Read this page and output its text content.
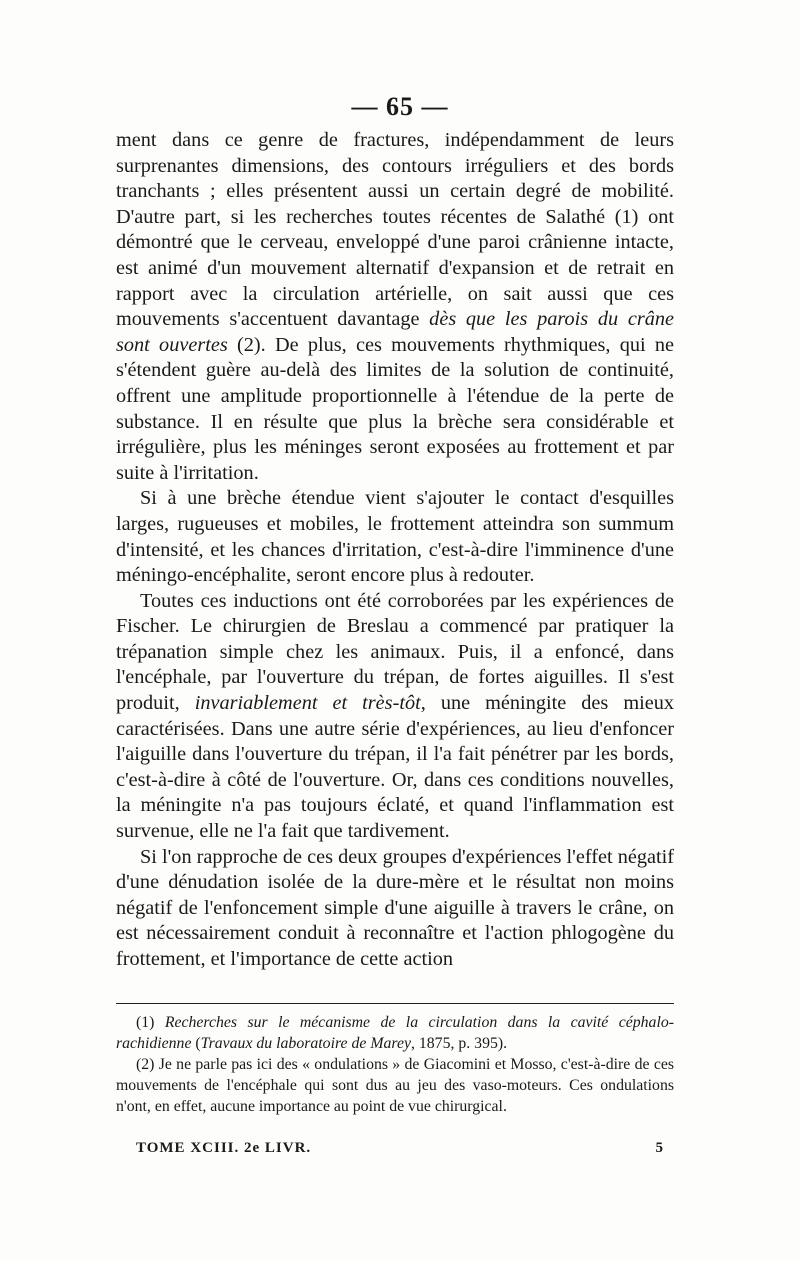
— 65 —

ment dans ce genre de fractures, indépendamment de leurs surprenantes dimensions, des contours irréguliers et des bords tranchants ; elles présentent aussi un certain degré de mobilité. D'autre part, si les recherches toutes récentes de Salathé (1) ont démontré que le cerveau, enveloppé d'une paroi crânienne intacte, est animé d'un mouvement alternatif d'expansion et de retrait en rapport avec la circulation artérielle, on sait aussi que ces mouvements s'accentuent davantage dès que les parois du crâne sont ouvertes (2). De plus, ces mouvements rhythmiques, qui ne s'étendent guère au-delà des limites de la solution de continuité, offrent une amplitude proportionnelle à l'étendue de la perte de substance. Il en résulte que plus la brèche sera considérable et irrégulière, plus les méninges seront exposées au frottement et par suite à l'irritation.

Si à une brèche étendue vient s'ajouter le contact d'esquilles larges, rugueuses et mobiles, le frottement atteindra son summum d'intensité, et les chances d'irritation, c'est-à-dire l'imminence d'une méningo-encéphalite, seront encore plus à redouter.

Toutes ces inductions ont été corroborées par les expériences de Fischer. Le chirurgien de Breslau a commencé par pratiquer la trépanation simple chez les animaux. Puis, il a enfoncé, dans l'encéphale, par l'ouverture du trépan, de fortes aiguilles. Il s'est produit, invariablement et très-tôt, une méningite des mieux caractérisées. Dans une autre série d'expériences, au lieu d'enfoncer l'aiguille dans l'ouverture du trépan, il l'a fait pénétrer par les bords, c'est-à-dire à côté de l'ouverture. Or, dans ces conditions nouvelles, la méningite n'a pas toujours éclaté, et quand l'inflammation est survenue, elle ne l'a fait que tardivement.

Si l'on rapproche de ces deux groupes d'expériences l'effet négatif d'une dénudation isolée de la dure-mère et le résultat non moins négatif de l'enfoncement simple d'une aiguille à travers le crâne, on est nécessairement conduit à reconnaître et l'action phlogogène du frottement, et l'importance de cette action

(1) Recherches sur le mécanisme de la circulation dans la cavité céphalo-rachidienne (Travaux du laboratoire de Marey, 1875, p. 395).

(2) Je ne parle pas ici des « ondulations » de Giacomini et Mosso, c'est-à-dire de ces mouvements de l'encéphale qui sont dus au jeu des vaso-moteurs. Ces ondulations n'ont, en effet, aucune importance au point de vue chirurgical.

TOME XCIII. 2e LIVR.	5
